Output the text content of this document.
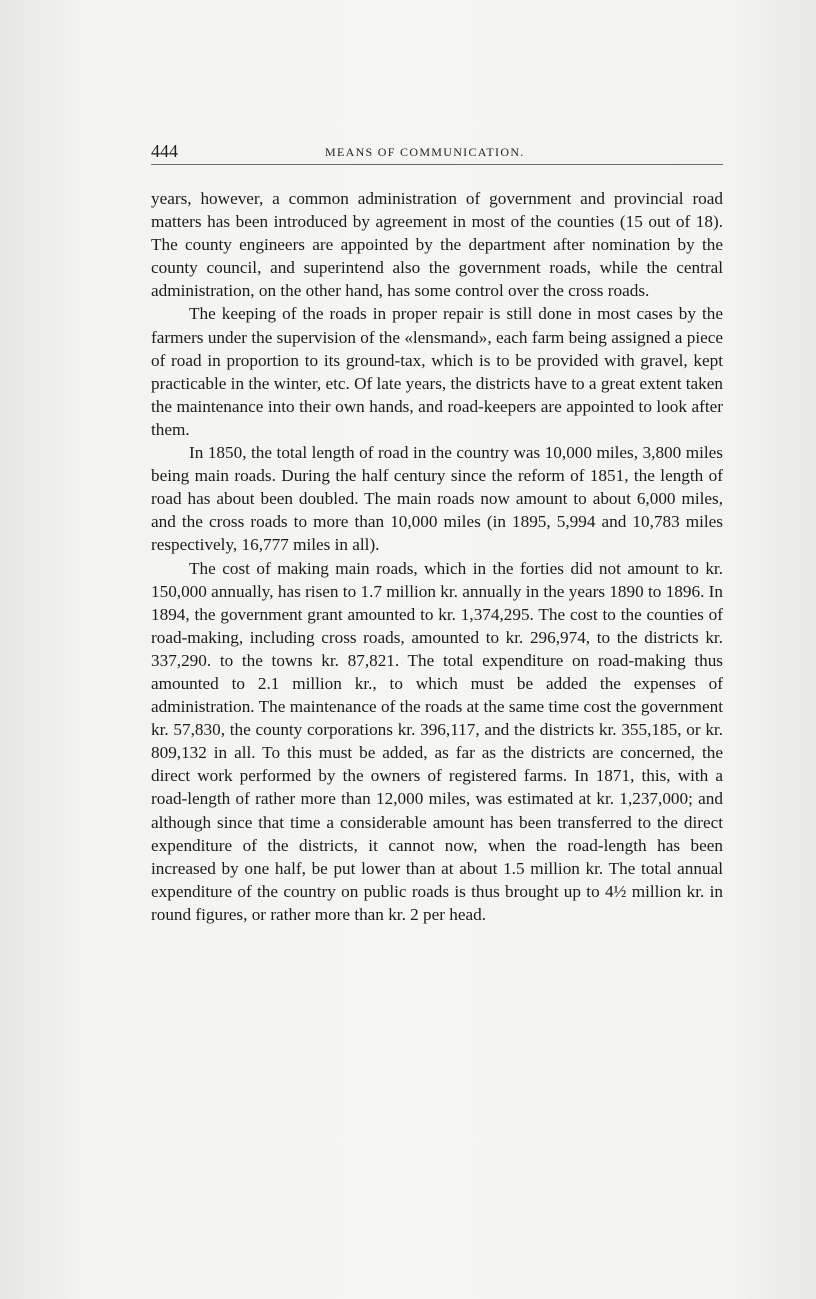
444	MEANS OF COMMUNICATION.

years, however, a common administration of government and provincial road matters has been introduced by agreement in most of the counties (15 out of 18). The county engineers are appointed by the department after nomination by the county council, and superintend also the government roads, while the central administration, on the other hand, has some control over the cross roads.

The keeping of the roads in proper repair is still done in most cases by the farmers under the supervision of the «lensmand», each farm being assigned a piece of road in proportion to its ground-tax, which is to be provided with gravel, kept practicable in the winter, etc. Of late years, the districts have to a great extent taken the maintenance into their own hands, and road-keepers are appointed to look after them.

In 1850, the total length of road in the country was 10,000 miles, 3,800 miles being main roads. During the half century since the reform of 1851, the length of road has about been doubled. The main roads now amount to about 6,000 miles, and the cross roads to more than 10,000 miles (in 1895, 5,994 and 10,783 miles respectively, 16,777 miles in all).

The cost of making main roads, which in the forties did not amount to kr. 150,000 annually, has risen to 1.7 million kr. annually in the years 1890 to 1896. In 1894, the government grant amounted to kr. 1,374,295. The cost to the counties of road-making, including cross roads, amounted to kr. 296,974, to the districts kr. 337,290. to the towns kr. 87,821. The total expenditure on road-making thus amounted to 2.1 million kr., to which must be added the expenses of administration. The maintenance of the roads at the same time cost the government kr. 57,830, the county corporations kr. 396,117, and the districts kr. 355,185, or kr. 809,132 in all. To this must be added, as far as the districts are concerned, the direct work performed by the owners of registered farms. In 1871, this, with a road-length of rather more than 12,000 miles, was estimated at kr. 1,237,000; and although since that time a considerable amount has been transferred to the direct expenditure of the districts, it cannot now, when the road-length has been increased by one half, be put lower than at about 1.5 million kr. The total annual expenditure of the country on public roads is thus brought up to 4½ million kr. in round figures, or rather more than kr. 2 per head.
